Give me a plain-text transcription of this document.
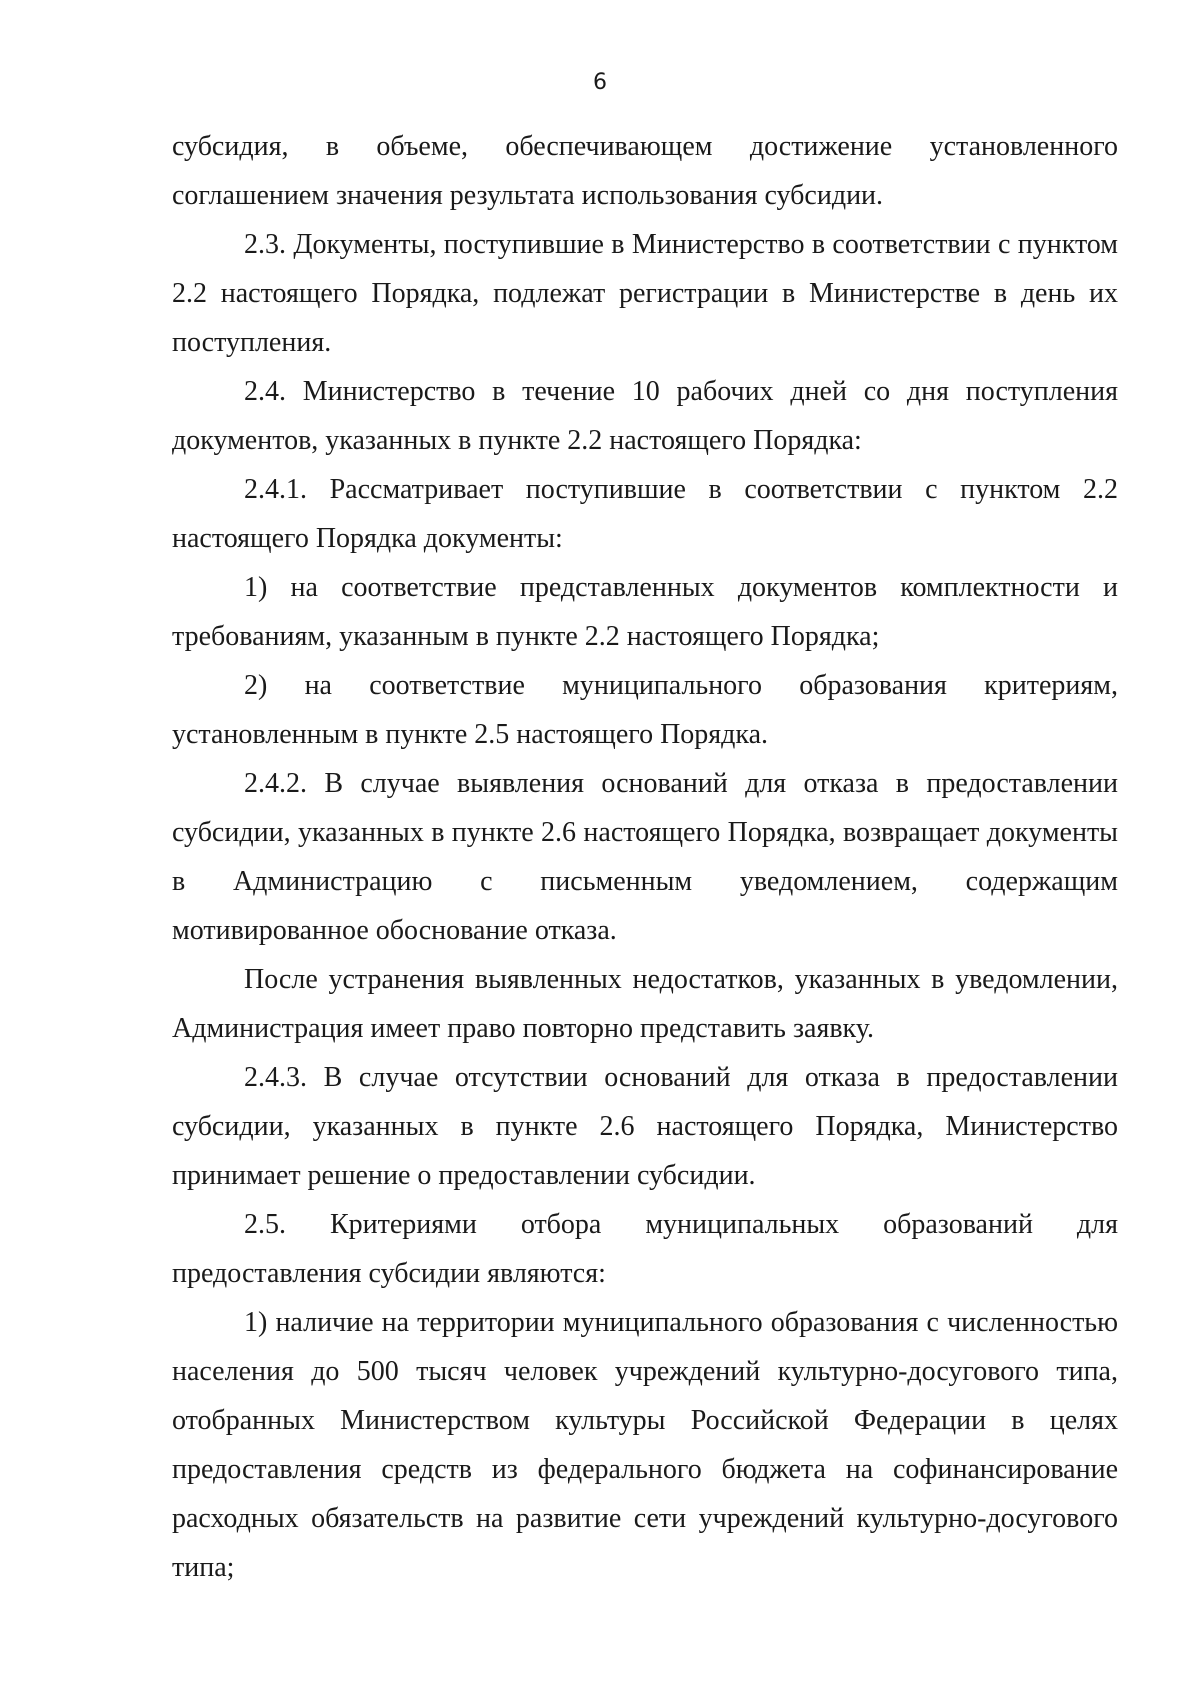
6

субсидия, в объеме, обеспечивающем достижение установленного соглашением значения результата использования субсидии.

2.3. Документы, поступившие в Министерство в соответствии с пунктом 2.2 настоящего Порядка, подлежат регистрации в Министерстве в день их поступления.

2.4. Министерство в течение 10 рабочих дней со дня поступления документов, указанных в пункте 2.2 настоящего Порядка:

2.4.1. Рассматривает поступившие в соответствии с пунктом 2.2 настоящего Порядка документы:

1) на соответствие представленных документов комплектности и требованиям, указанным в пункте 2.2 настоящего Порядка;

2) на соответствие муниципального образования критериям, установленным в пункте 2.5 настоящего Порядка.

2.4.2. В случае выявления оснований для отказа в предоставлении субсидии, указанных в пункте 2.6 настоящего Порядка, возвращает документы в Администрацию с письменным уведомлением, содержащим мотивированное обоснование отказа.

После устранения выявленных недостатков, указанных в уведомлении, Администрация имеет право повторно представить заявку.

2.4.3. В случае отсутствии оснований для отказа в предоставлении субсидии, указанных в пункте 2.6 настоящего Порядка, Министерство принимает решение о предоставлении субсидии.

2.5. Критериями отбора муниципальных образований для предоставления субсидии являются:

1) наличие на территории муниципального образования с численностью населения до 500 тысяч человек учреждений культурно-досугового типа, отобранных Министерством культуры Российской Федерации в целях предоставления средств из федерального бюджета на софинансирование расходных обязательств на развитие сети учреждений культурно-досугового типа;
